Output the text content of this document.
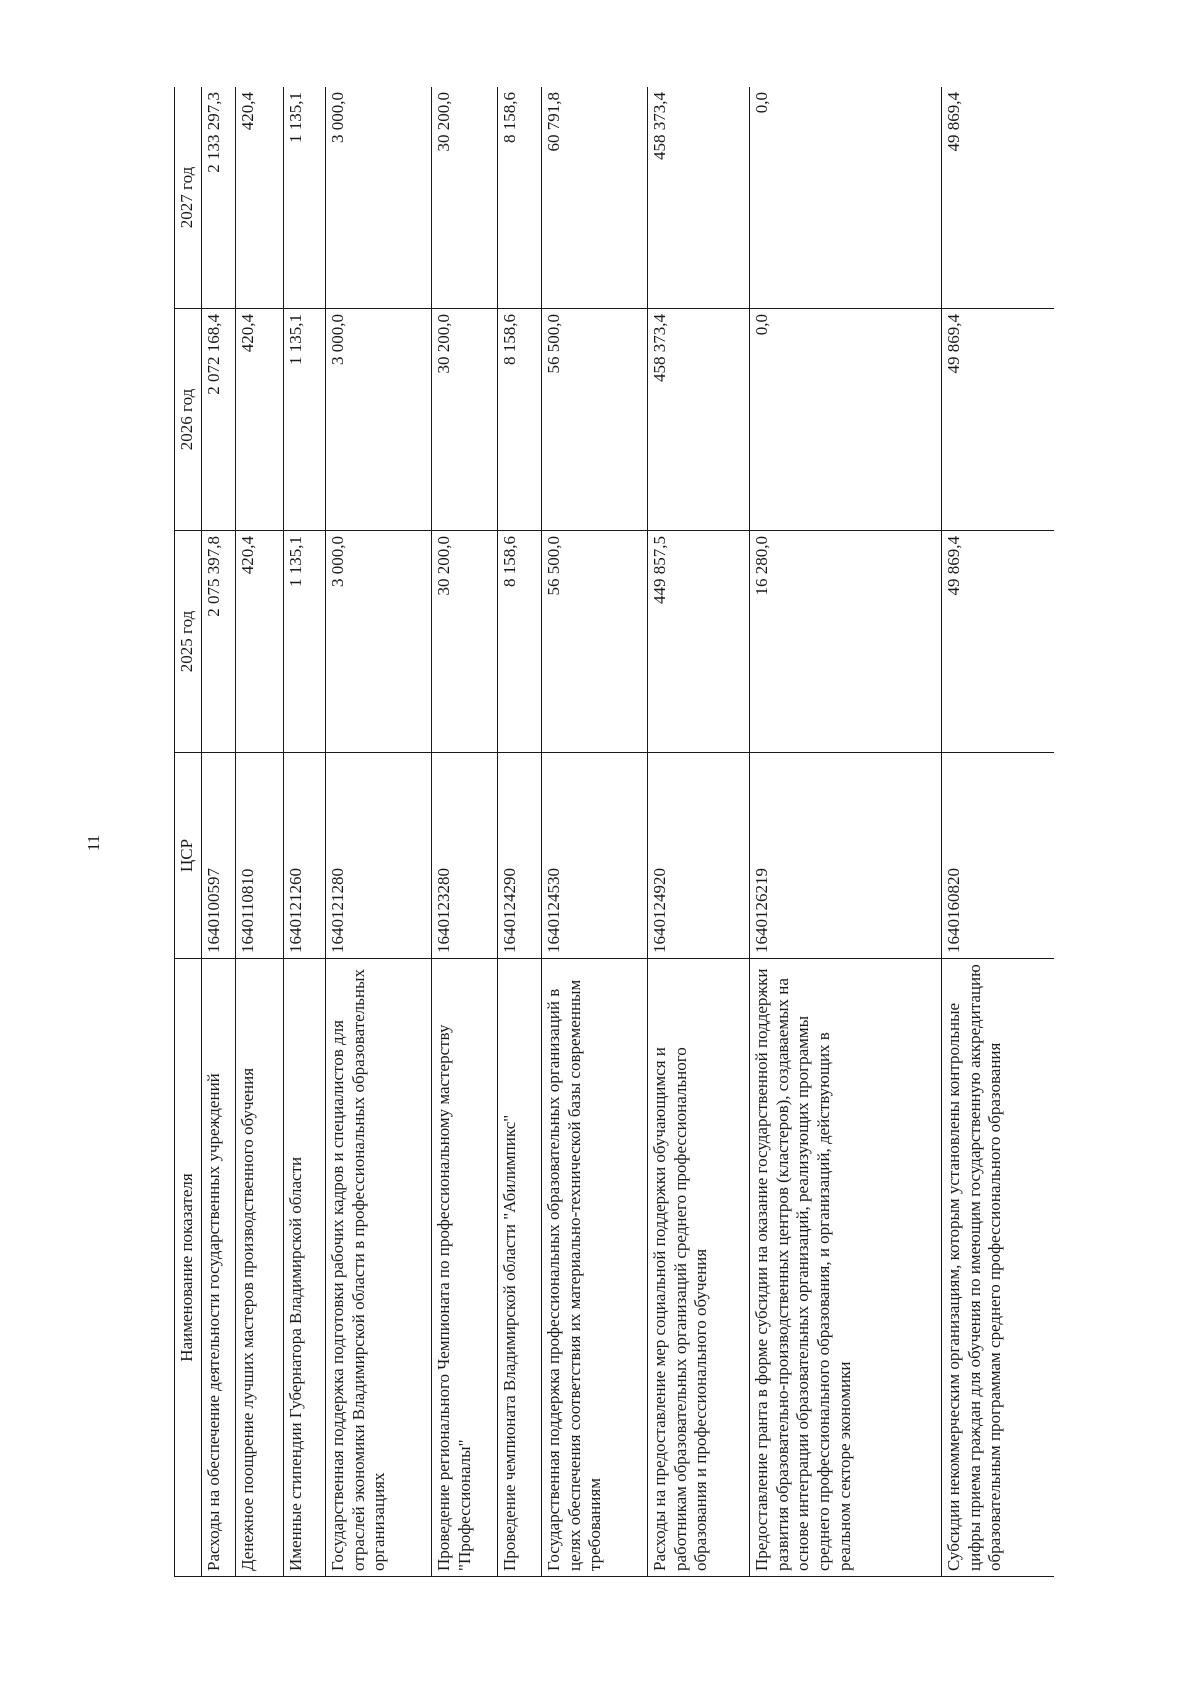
11
Наименование показателя	ЦСР	2025 год	2026 год	2027 год
Расходы на обеспечение деятельности государственных учреждений	1640100597	2 075 397,8	2 072 168,4	2 133 297,3
Денежное поощрение лучших мастеров производственного обучения	1640110810	420,4	420,4	420,4
Именные стипендии Губернатора Владимирской области	1640121260	1 135,1	1 135,1	1 135,1
Государственная поддержка подготовки рабочих кадров и специалистов для отраслей экономики Владимирской области в профессиональных образовательных организациях	1640121280	3 000,0	3 000,0	3 000,0
Проведение регионального Чемпионата по профессиональному мастерству "Профессионалы"	1640123280	30 200,0	30 200,0	30 200,0
Проведение чемпионата Владимирской области "Абилимпикс"	1640124290	8 158,6	8 158,6	8 158,6
Государственная поддержка профессиональных образовательных организаций в целях обеспечения соответствия их материально-технической базы современным требованиям	1640124530	56 500,0	56 500,0	60 791,8
Расходы на предоставление мер социальной поддержки обучающимся и работникам образовательных организаций среднего профессионального образования и профессионального обучения	1640124920	449 857,5	458 373,4	458 373,4
Предоставление гранта в форме субсидии на оказание государственной поддержки развития образовательно-производственных центров (кластеров), создаваемых на основе интеграции образовательных организаций, реализующих программы среднего профессионального образования, и организаций, действующих в реальном секторе экономики	1640126219	16 280,0	0,0	0,0
Субсидии некоммерческим организациям, которым установлены контрольные цифры приема граждан для обучения по имеющим государственную аккредитацию образовательным программам среднего профессионального образования	1640160820	49 869,4	49 869,4	49 869,4
